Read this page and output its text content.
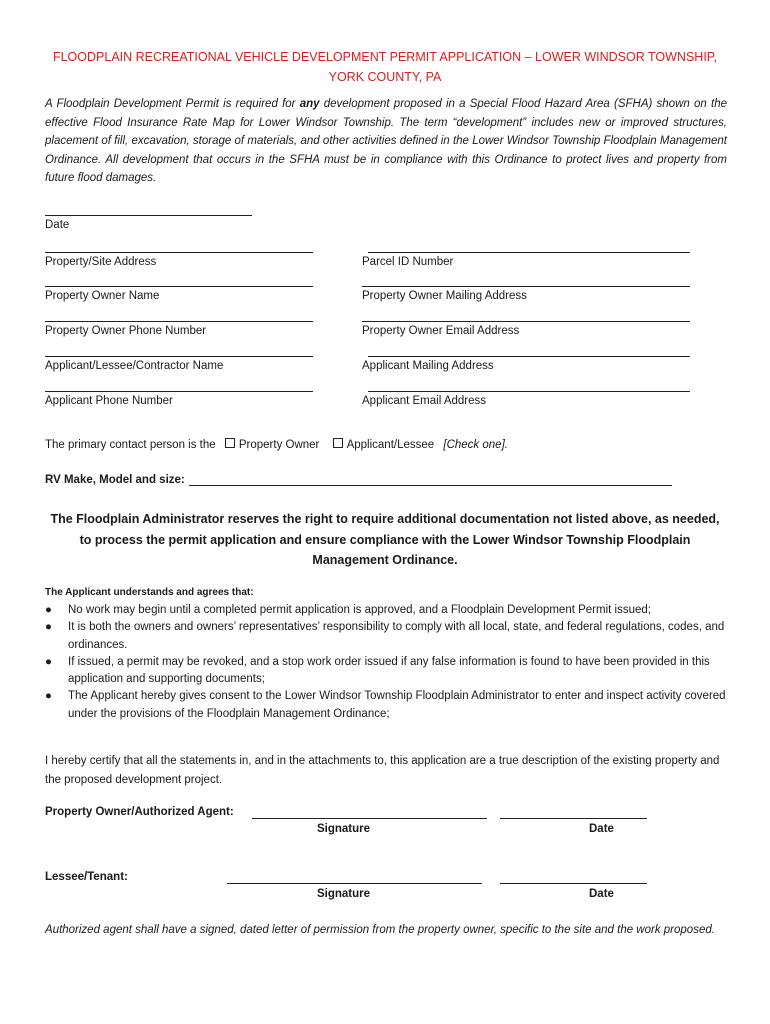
FLOODPLAIN RECREATIONAL VEHICLE DEVELOPMENT PERMIT APPLICATION – LOWER WINDSOR TOWNSHIP,
YORK COUNTY, PA
A Floodplain Development Permit is required for any development proposed in a Special Flood Hazard Area (SFHA) shown on the effective Flood Insurance Rate Map for Lower Windsor Township. The term “development” includes new or improved structures, placement of fill, excavation, storage of materials, and other activities defined in the Lower Windsor Township Floodplain Management Ordinance. All development that occurs in the SFHA must be in compliance with this Ordinance to protect lives and property from future flood damages.
Date
Property/Site Address
Property Owner Name
Property Owner Phone Number
Applicant/Lessee/Contractor Name
Applicant Phone Number
Parcel ID Number
Property Owner Mailing Address
Property Owner Email Address
Applicant Mailing Address
Applicant Email Address
The primary contact person is the Property Owner Applicant/Lessee [Check one].
RV Make, Model and size:
The Floodplain Administrator reserves the right to require additional documentation not listed above, as needed, to process the permit application and ensure compliance with the Lower Windsor Township Floodplain Management Ordinance.
The Applicant understands and agrees that:
● No work may begin until a completed permit application is approved, and a Floodplain Development Permit issued;
● It is both the owners and owners’ representatives’ responsibility to comply with all local, state, and federal regulations, codes, and ordinances.
● If issued, a permit may be revoked, and a stop work order issued if any false information is found to have been provided in this application and supporting documents;
● The Applicant hereby gives consent to the Lower Windsor Township Floodplain Administrator to enter and inspect activity covered under the provisions of the Floodplain Management Ordinance;
I hereby certify that all the statements in, and in the attachments to, this application are a true description of the existing property and the proposed development project.
Property Owner/Authorized Agent:
Signature	Date
Lessee/Tenant:
Signature	Date
Authorized agent shall have a signed, dated letter of permission from the property owner, specific to the site and the work proposed.
